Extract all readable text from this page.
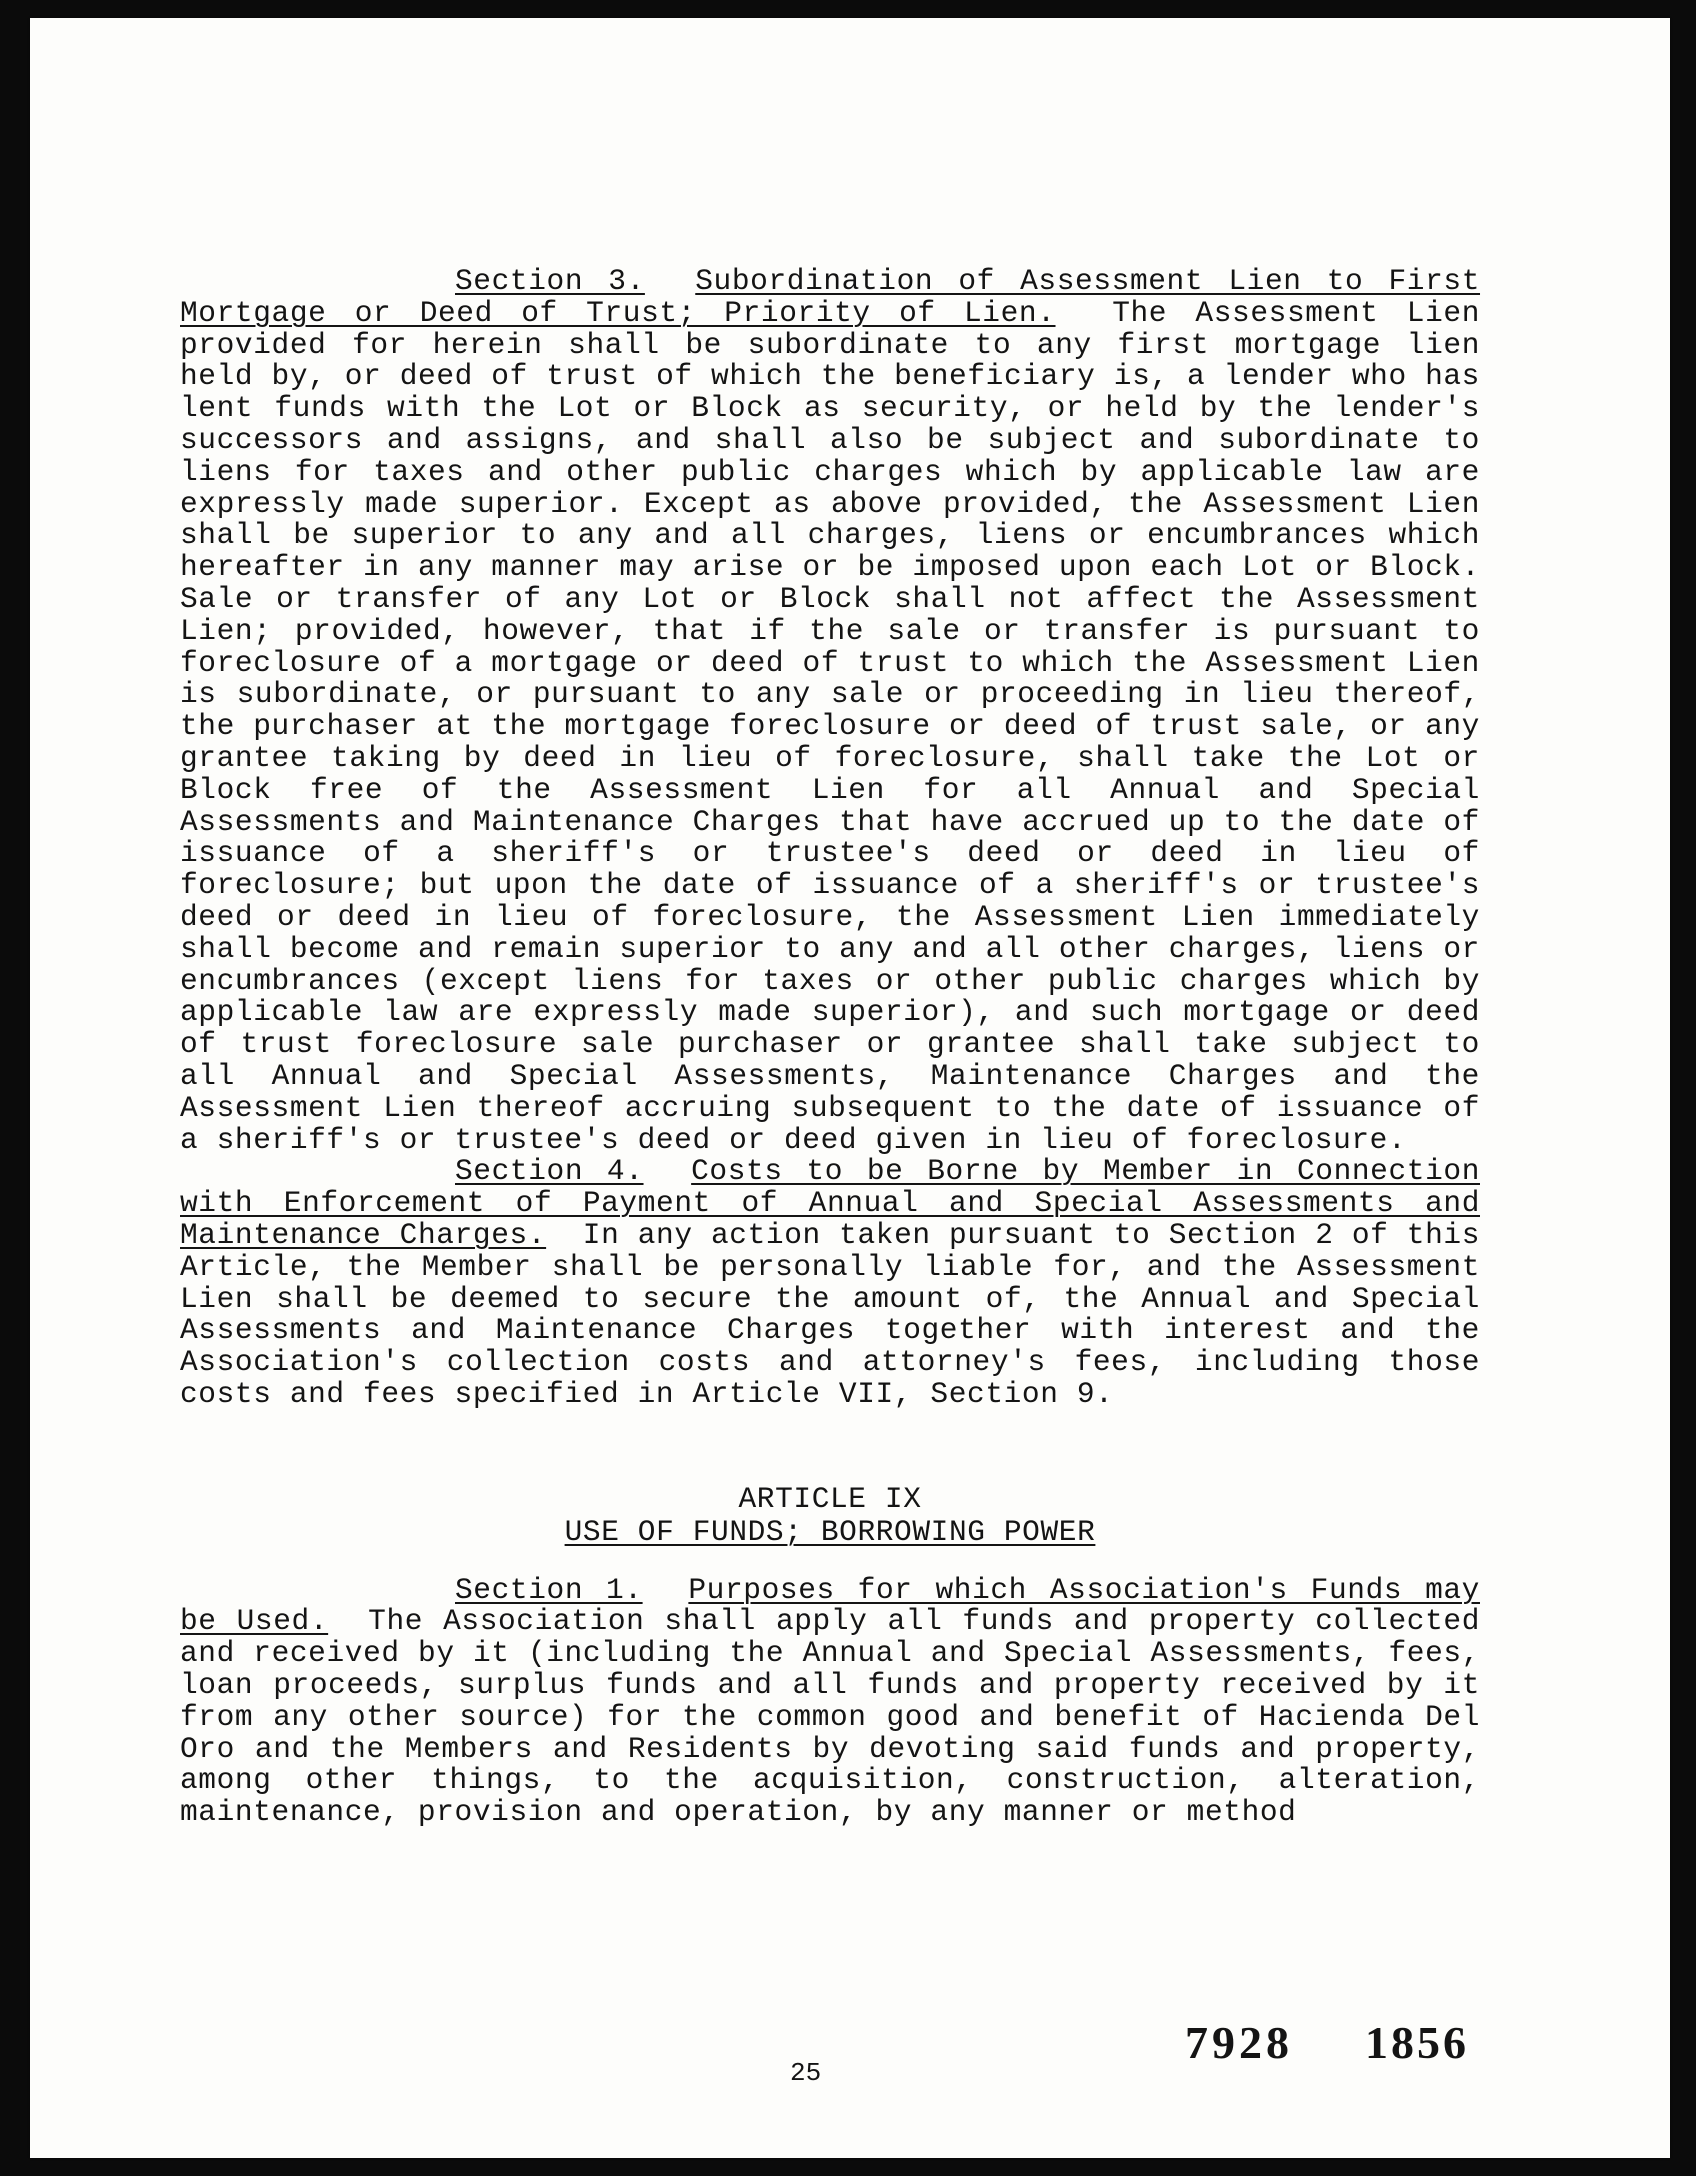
Section 3. Subordination of Assessment Lien to First Mortgage or Deed of Trust; Priority of Lien. The Assessment Lien provided for herein shall be subordinate to any first mortgage lien held by, or deed of trust of which the beneficiary is, a lender who has lent funds with the Lot or Block as security, or held by the lender's successors and assigns, and shall also be subject and subordinate to liens for taxes and other public charges which by applicable law are expressly made superior. Except as above provided, the Assessment Lien shall be superior to any and all charges, liens or encumbrances which hereafter in any manner may arise or be imposed upon each Lot or Block. Sale or transfer of any Lot or Block shall not affect the Assessment Lien; provided, however, that if the sale or transfer is pursuant to foreclosure of a mortgage or deed of trust to which the Assessment Lien is subordinate, or pursuant to any sale or proceeding in lieu thereof, the purchaser at the mortgage foreclosure or deed of trust sale, or any grantee taking by deed in lieu of foreclosure, shall take the Lot or Block free of the Assessment Lien for all Annual and Special Assessments and Maintenance Charges that have accrued up to the date of issuance of a sheriff's or trustee's deed or deed in lieu of foreclosure; but upon the date of issuance of a sheriff's or trustee's deed or deed in lieu of foreclosure, the Assessment Lien immediately shall become and remain superior to any and all other charges, liens or encumbrances (except liens for taxes or other public charges which by applicable law are expressly made superior), and such mortgage or deed of trust foreclosure sale purchaser or grantee shall take subject to all Annual and Special Assessments, Maintenance Charges and the Assessment Lien thereof accruing subsequent to the date of issuance of a sheriff's or trustee's deed or deed given in lieu of foreclosure.

Section 4. Costs to be Borne by Member in Connection with Enforcement of Payment of Annual and Special Assessments and Maintenance Charges. In any action taken pursuant to Section 2 of this Article, the Member shall be personally liable for, and the Assessment Lien shall be deemed to secure the amount of, the Annual and Special Assessments and Maintenance Charges together with interest and the Association's collection costs and attorney's fees, including those costs and fees specified in Article VII, Section 9.

ARTICLE IX
USE OF FUNDS; BORROWING POWER

Section 1. Purposes for which Association's Funds may be Used. The Association shall apply all funds and property collected and received by it (including the Annual and Special Assessments, fees, loan proceeds, surplus funds and all funds and property received by it from any other source) for the common good and benefit of Hacienda Del Oro and the Members and Residents by devoting said funds and property, among other things, to the acquisition, construction, alteration, maintenance, provision and operation, by any manner or method

25
7928 1856
